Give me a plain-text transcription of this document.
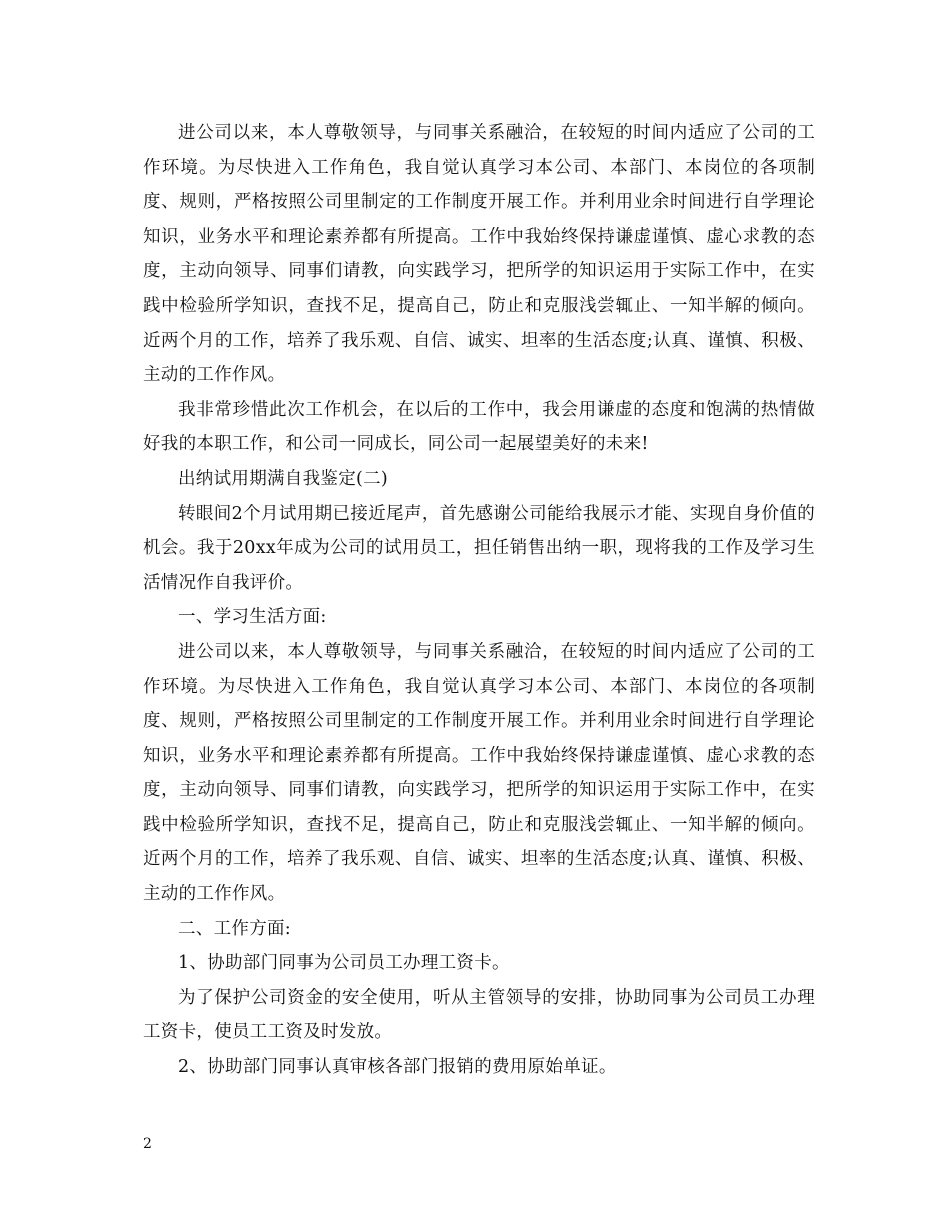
进公司以来，本人尊敬领导，与同事关系融洽，在较短的时间内适应了公司的工作环境。为尽快进入工作角色，我自觉认真学习本公司、本部门、本岗位的各项制度、规则，严格按照公司里制定的工作制度开展工作。并利用业余时间进行自学理论知识，业务水平和理论素养都有所提高。工作中我始终保持谦虚谨慎、虚心求教的态度，主动向领导、同事们请教，向实践学习，把所学的知识运用于实际工作中，在实践中检验所学知识，查找不足，提高自己，防止和克服浅尝辄止、一知半解的倾向。近两个月的工作，培养了我乐观、自信、诚实、坦率的生活态度;认真、谨慎、积极、主动的工作作风。

我非常珍惜此次工作机会，在以后的工作中，我会用谦虚的态度和饱满的热情做好我的本职工作，和公司一同成长，同公司一起展望美好的未来!

出纳试用期满自我鉴定(二)

转眼间2个月试用期已接近尾声，首先感谢公司能给我展示才能、实现自身价值的机会。我于20xx年成为公司的试用员工，担任销售出纳一职，现将我的工作及学习生活情况作自我评价。

一、学习生活方面:

进公司以来，本人尊敬领导，与同事关系融洽，在较短的时间内适应了公司的工作环境。为尽快进入工作角色，我自觉认真学习本公司、本部门、本岗位的各项制度、规则，严格按照公司里制定的工作制度开展工作。并利用业余时间进行自学理论知识，业务水平和理论素养都有所提高。工作中我始终保持谦虚谨慎、虚心求教的态度，主动向领导、同事们请教，向实践学习，把所学的知识运用于实际工作中，在实践中检验所学知识，查找不足，提高自己，防止和克服浅尝辄止、一知半解的倾向。近两个月的工作，培养了我乐观、自信、诚实、坦率的生活态度;认真、谨慎、积极、主动的工作作风。

二、工作方面:

1、协助部门同事为公司员工办理工资卡。

为了保护公司资金的安全使用，听从主管领导的安排，协助同事为公司员工办理工资卡，使员工工资及时发放。

2、协助部门同事认真审核各部门报销的费用原始单证。

2
